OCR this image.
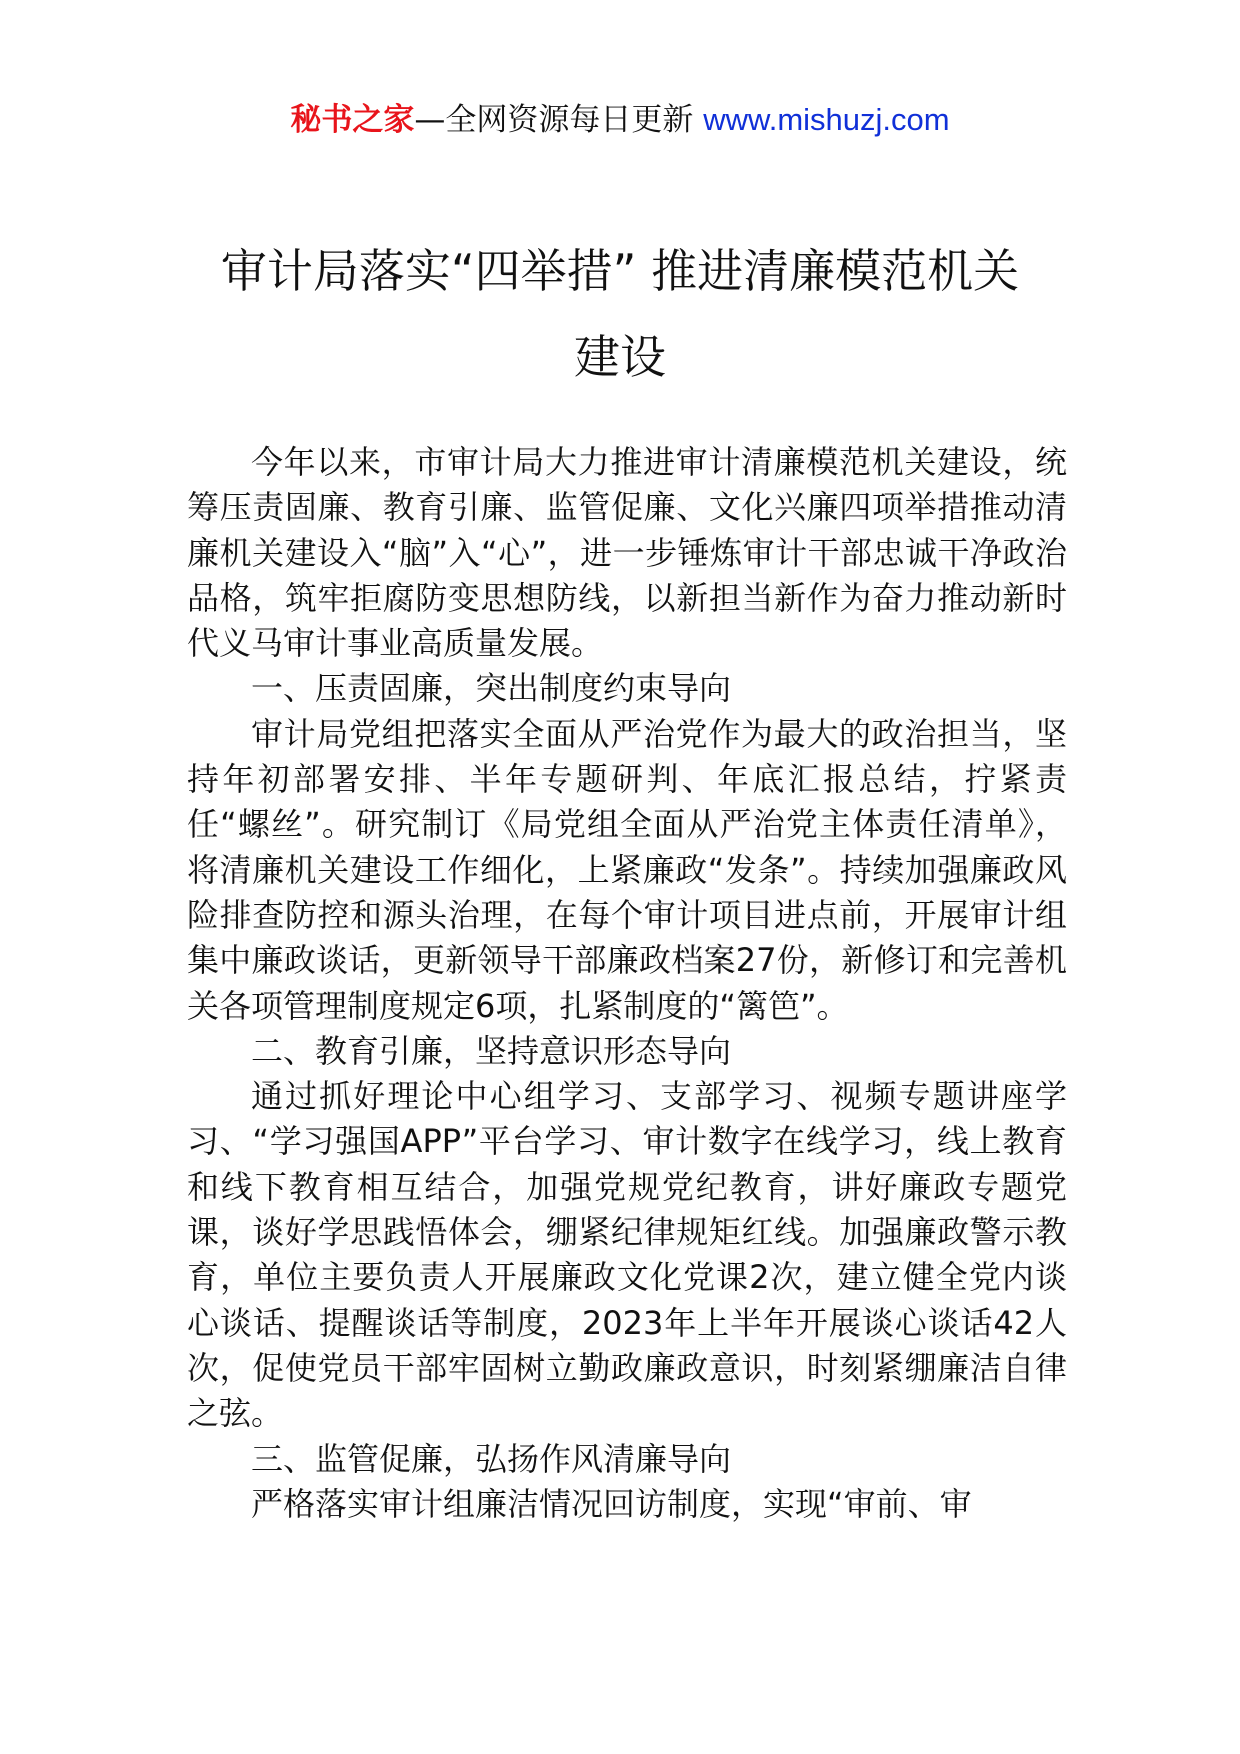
秘书之家—全网资源每日更新 www.mishuzj.com
审计局落实“四举措” 推进清廉模范机关
建设

今年以来，市审计局大力推进审计清廉模范机关建设，统筹压责固廉、教育引廉、监管促廉、文化兴廉四项举措推动清廉机关建设入“脑”入“心”，进一步锤炼审计干部忠诚干净政治品格，筑牢拒腐防变思想防线，以新担当新作为奋力推动新时代义马审计事业高质量发展。

一、压责固廉，突出制度约束导向

审计局党组把落实全面从严治党作为最大的政治担当，坚持年初部署安排、半年专题研判、年底汇报总结，拧紧责任“螺丝”。研究制订《局党组全面从严治党主体责任清单》，将清廉机关建设工作细化，上紧廉政“发条”。持续加强廉政风险排查防控和源头治理，在每个审计项目进点前，开展审计组集中廉政谈话，更新领导干部廉政档案27份，新修订和完善机关各项管理制度规定6项，扎紧制度的“篱笆”。

二、教育引廉，坚持意识形态导向

通过抓好理论中心组学习、支部学习、视频专题讲座学习、“学习强国APP”平台学习、审计数字在线学习，线上教育和线下教育相互结合，加强党规党纪教育，讲好廉政专题党课，谈好学思践悟体会，绷紧纪律规矩红线。加强廉政警示教育，单位主要负责人开展廉政文化党课2次，建立健全党内谈心谈话、提醒谈话等制度，2023年上半年开展谈心谈话42人次，促使党员干部牢固树立勤政廉政意识，时刻紧绷廉洁自律之弦。

三、监管促廉，弘扬作风清廉导向

严格落实审计组廉洁情况回访制度，实现“审前、审
